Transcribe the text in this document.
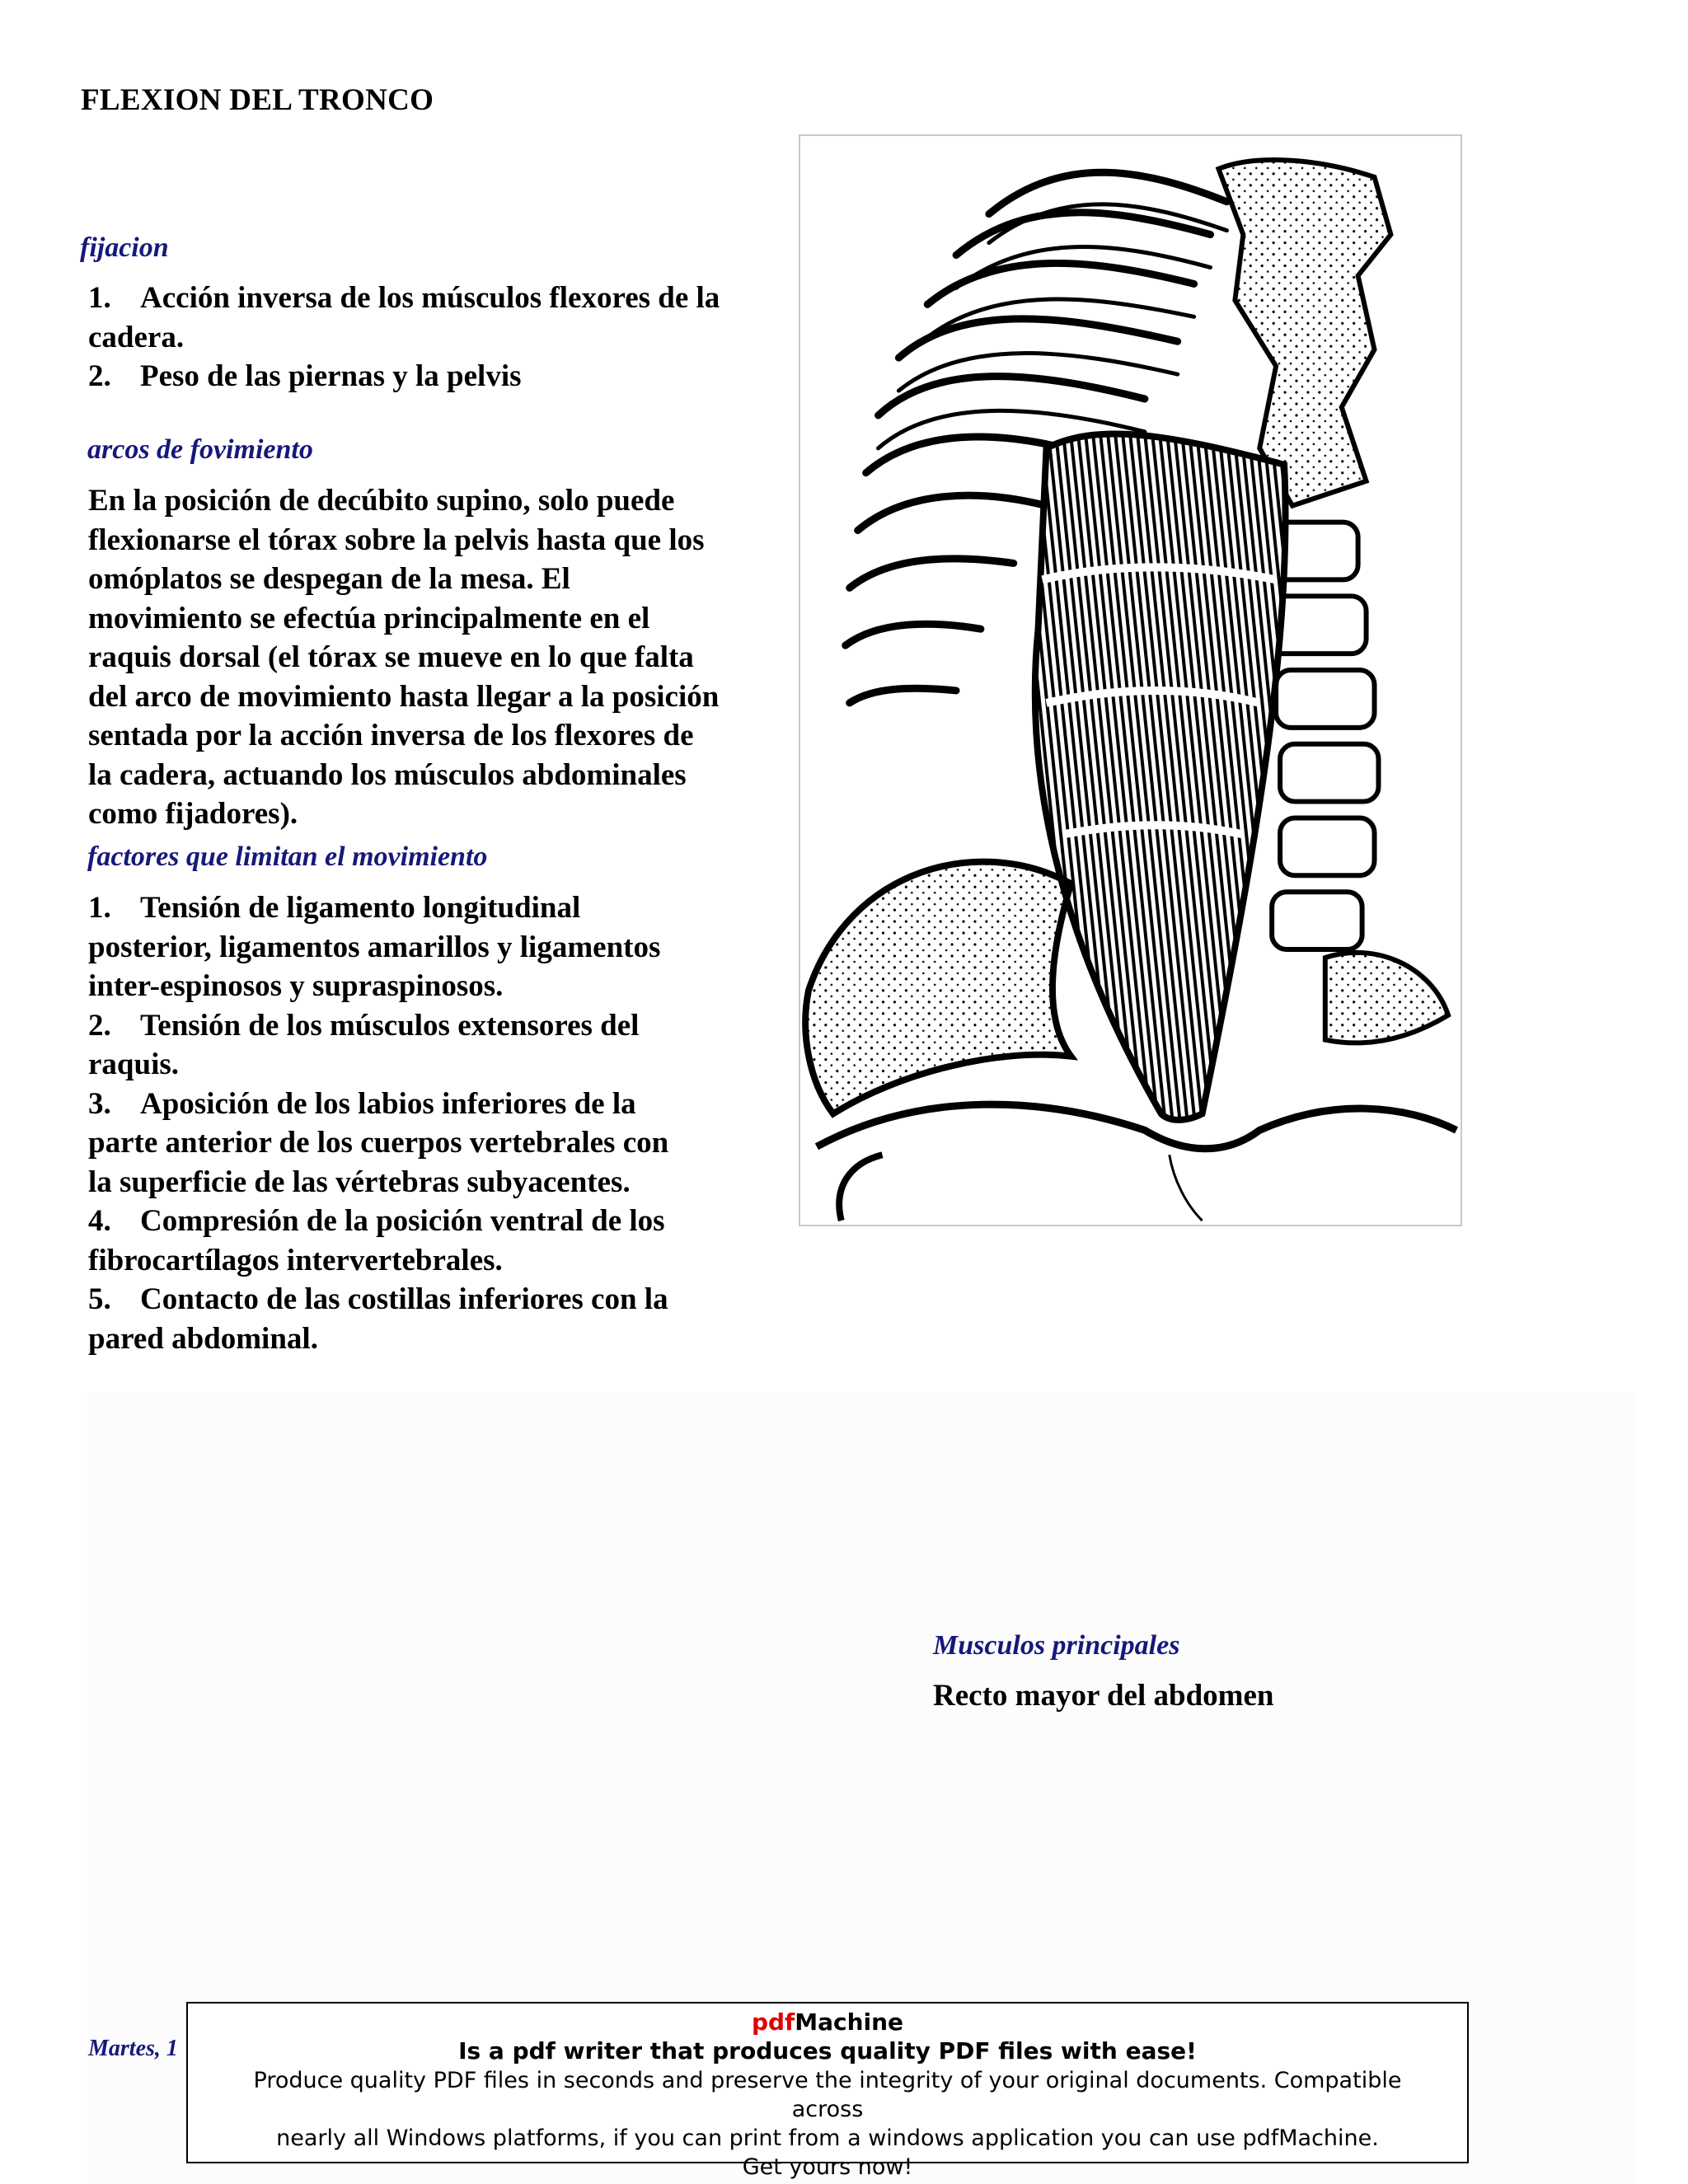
FLEXION DEL TRONCO
fijacion

1. Acción inversa de los músculos flexores de la

cadera.

2. Peso de las piernas y la pelvis

arcos de fovimiento

En la posición de decúbito supino, solo puede

flexionarse el tórax sobre la pelvis hasta que los

omóplatos se despegan de la mesa. El

movimiento se efectúa principalmente en el

raquis dorsal (el tórax se mueve en lo que falta

del arco de movimiento hasta llegar a la posición

sentada por la acción inversa de los flexores de

la cadera, actuando los músculos abdominales

como fijadores).

factores que limitan el movimiento

1. Tensión de ligamento longitudinal

posterior, ligamentos amarillos y ligamentos

inter-espinosos y supraspinosos.

2. Tensión de los músculos extensores del

raquis.

3. Aposición de los labios inferiores de la

parte anterior de los cuerpos vertebrales con

la superficie de las vértebras subyacentes.

4. Compresión de la posición ventral de los

fibrocartílagos intervertebrales.

5. Contacto de las costillas inferiores con la

pared abdominal.

Musculos principales
Recto mayor del abdomen
Martes, 1
pdfMachine
Is a pdf writer that produces quality PDF files with ease!
Produce quality PDF files in seconds and preserve the integrity of your original documents. Compatible across
nearly all Windows platforms, if you can print from a windows application you can use pdfMachine.
Get yours now!
